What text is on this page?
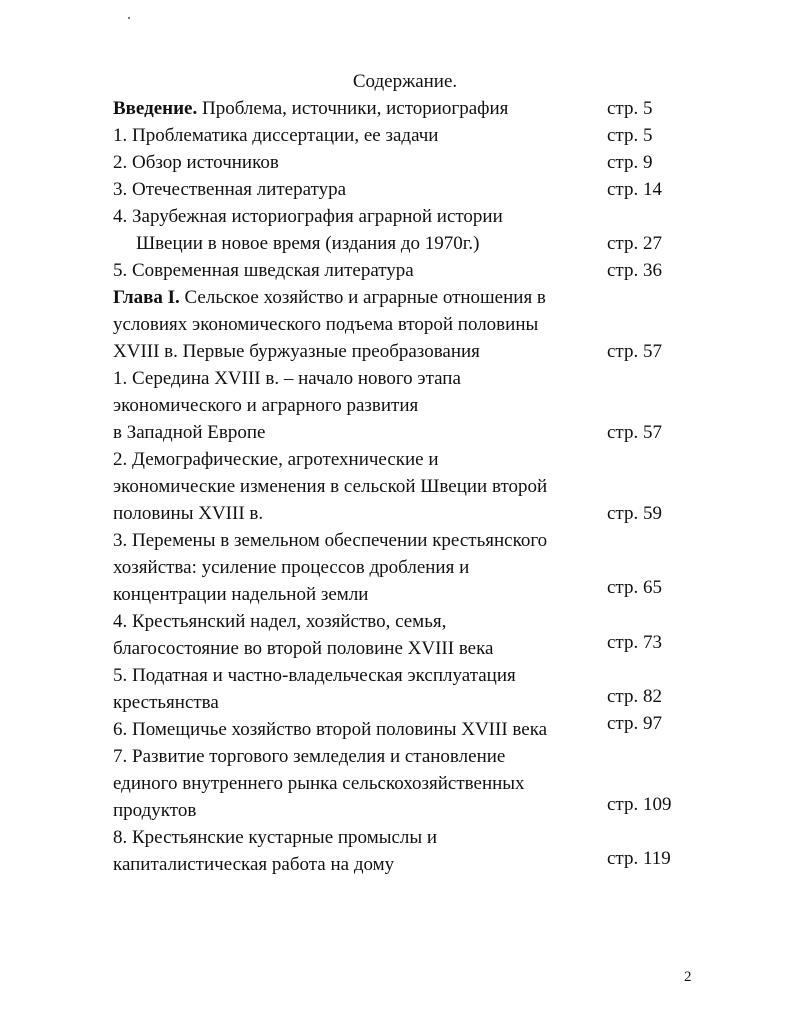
Содержание.
Введение. Проблема, источники, историография	стр. 5
1. Проблематика диссертации, ее задачи	стр. 5
2. Обзор источников	стр. 9
3. Отечественная литература	стр. 14
4. Зарубежная историография аграрной истории
Швеции в новое время (издания до 1970г.)	стр. 27
5. Современная шведская литература	стр. 36
Глава I. Сельское хозяйство и аграрные отношения в
условиях экономического подъема второй половины
XVIII в. Первые буржуазные преобразования	стр. 57
1. Середина XVIII в. – начало нового этапа
экономического и аграрного развития
в Западной Европе	стр. 57
2. Демографические, агротехнические и
экономические изменения в сельской Швеции второй
половины XVIII в.	стр. 59
3. Перемены в земельном обеспечении крестьянского
хозяйства: усиление процессов дробления и
концентрации надельной земли	стр. 65
4. Крестьянский надел, хозяйство, семья,
благосостояние во второй половине XVIII века	стр. 73
5. Податная и частно-владельческая эксплуатация
крестьянства	стр. 82
6. Помещичье хозяйство второй половины XVIII века	стр. 97
7. Развитие торгового земледелия и становление
единого внутреннего рынка сельскохозяйственных
продуктов	стр. 109
8. Крестьянские кустарные промыслы и
капиталистическая работа на дому	стр. 119
2
